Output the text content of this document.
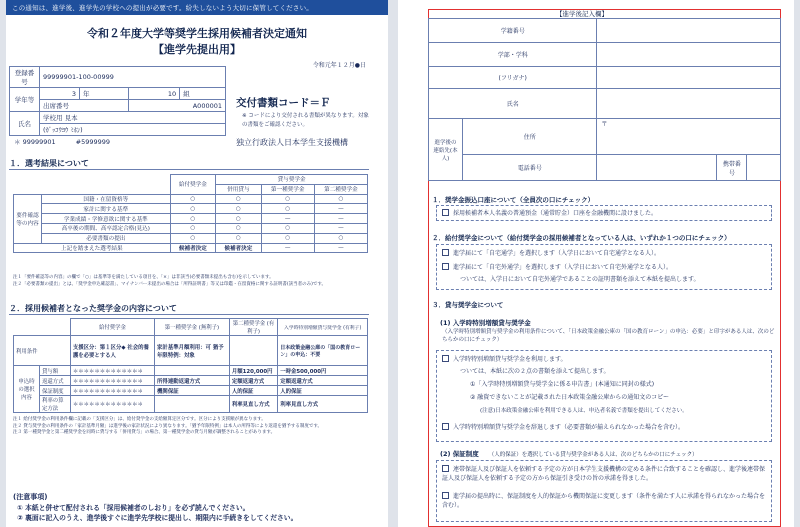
この通知は、進学後、進学先の学校への提出が必要です。紛失しないよう大切に保管してください。
令和２年度大学等奨学生採用候補者決定通知
【進学先提出用】
令和元年１２月●日
登録番号	99999901-100-00999			
学年等	3	年	10	組
	出席番号		A000001	
氏名	学校用 見本			
	(ｶﾞｯｺｳﾖｳ ﾐﾎﾝ)			
交付書類コード＝Ｆ
※ コードにより交付される書類が異なります。対象の書類をご確認ください。
＊ 99999901	#5999999	独立行政法人日本学生支援機構
１．選考結果について
		給付奨学金	貸与奨学金		
			併用貸与	第一種奨学金	第二種奨学金
要件確認等の内容	国籍・在留資格等	○	○	○	○
	家計に関する基準	○	○	○	—
	学業成績・学修意欲に関する基準	○	○	—	—
	高卒後の期間、高卒認定合格(見込)	○	○	○	—
	必要書類の提出	○	○	○	○
上記を踏まえた選考結果		候補者決定	候補者決定	—	—
注１「要件確認等の内容」の欄で「○」は基準等を満たしている項目を、「×」は非該当(必要書類未提出も含む)を示しています。
注２「必要書類の提出」とは、「奨学金申込確認書」、マイナンバー未提出の場合は「所得証明書」等又は印鑑・在留資格に関する証明書(該当者のみ)です。
２．採用候補者となった奨学金の内容について
		給付奨学金	第一種奨学金 (無利子)	第二種奨学金 (有利子)	入学時特別増額貸与奨学金 (有利子)
利用条件		支援区分：第１区分◆ 社会的養護を必要とする人	家計基準月額利用：可 猶予年限特例：対象		日本政策金融公庫の「国の教育ローン」の申込：不要
申込時の選択内容	貸与額	＊＊＊＊＊＊＊＊＊＊＊＊＊		月額120,000円	一時金500,000円
	返還方式	＊＊＊＊＊＊＊＊＊＊＊＊＊	所得連動返還方式	定額返還方式	定額返還方式
	保証制度	＊＊＊＊＊＊＊＊＊＊＊＊＊	機関保証	人的保証	人的保証
	利率の算定方法	＊＊＊＊＊＊＊＊＊＊＊＊＊		利率見直し方式	利率見直し方式
注１ 給付奨学金の利用条件欄に記載の「支援区分」は、給付奨学金の支給額算定区分です。区分により支援額が異なります。
注２ 貸与奨学金の利用条件の「家計基準月額」は進学後の家計状況により異なります。「猶予年限特例」は本人の所得等により返還を猶予する制度です。
注３ 第一種奨学金と第二種奨学金を同時に貸与する「併用貸与」の場合、第一種奨学金の貸与月額が調整されることがあります。
(注意事項)
① 本紙と併せて配付される「採用候補者のしおり」を必ず読んでください。
② 裏面に記入のうえ、進学後すぐに進学先学校に提出し、期限内に手続きをしてください。
【進学後記入欄】
学籍番号				
学部・学科				
(フリガナ)				
氏名				
進学後の連絡先(本人)	住所	〒		
	電話番号		携帯番号	
１．奨学金振込口座について（全員次の口にチェック）
採用候補者本人名義の普通預金（通常貯金）口座を金融機関に設けました。
２．給付奨学金について（給付奨学金の採用候補者となっている人は、いずれか１つの口にチェック）
進学届にて「自宅通学」を選択します（入学日において自宅通学となる人）。
進学届にて「自宅外通学」を選択します（入学日において自宅外通学となる人）。
ついては、入学日において自宅外通学であることの証明書類を添えて本紙を提出します。
３．貸与奨学金について
(1) 入学時特別増額貸与奨学金
（入学時特別増額貸与奨学金の利用条件について、「日本政策金融公庫の「国の教育ローン」の申込：必要」と印字がある人は、次のどちらかの口にチェック）
入学時特別増額貸与奨学金を利用します。
ついては、本紙に次の２点の書類を添えて提出します。
①「入学時特別増額貸与奨学金に係る申告書」(本通知に同封の様式)
② 融資できないことが記載された日本政策金融公庫からの通知文のコピー
(注意)日本政策金融公庫を利用できる人は、申込者名義で書類を提出してください。
入学時特別増額貸与奨学金を辞退します（必要書類が揃えられなかった場合を含む）。
(2) 保証制度 （人的保証）を選択している貸与奨学金がある人は、次のどちらかの口にチェック）
連帯保証人及び保証人を依頼する予定の方が日本学生支援機構の定める条件に合致することを確認し、進学後連帯保証人及び保証人を依頼する予定の方から保証引き受けの旨の承諾を得ました。
進学届の提出時に、保証制度を人的保証から機関保証に変更します（条件を満たす人に承諾を得られなかった場合を含む）。
